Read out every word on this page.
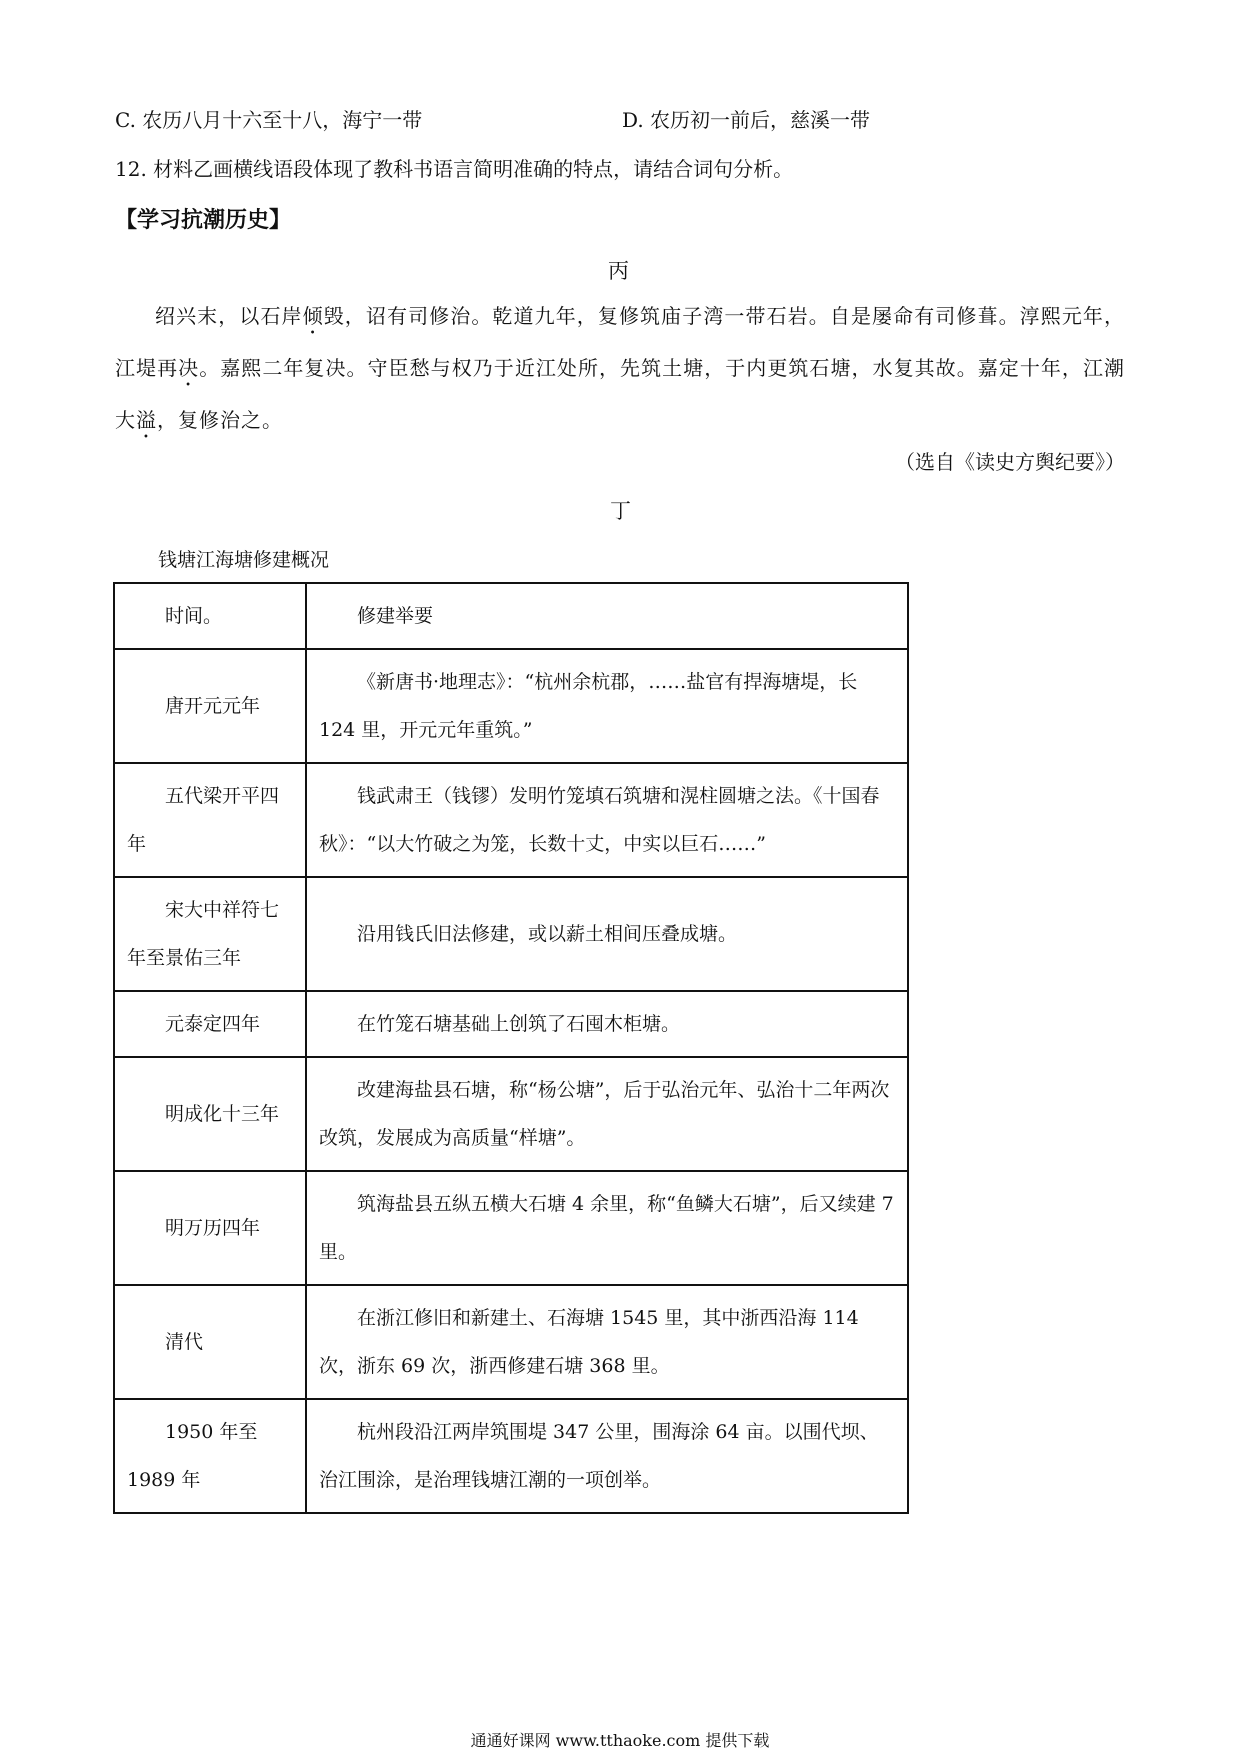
C. 农历八月十六至十八，海宁一带	D. 农历初一前后，慈溪一带
12. 材料乙画横线语段体现了教科书语言简明准确的特点，请结合词句分析。
【学习抗潮历史】
丙
绍兴末，以石岸倾毁，诏有司修治。乾道九年，复修筑庙子湾一带石岩。自是屡命有司修葺。淳熙元年，江堤再决。嘉熙二年复决。守臣愁与权乃于近江处所，先筑土塘，于内更筑石塘，水复其故。嘉定十年，江潮大溢，复修治之。
（选自《读史方舆纪要》）
丁
钱塘江海塘修建概况
时间。	修建举要
唐开元元年	《新唐书·地理志》：“杭州余杭郡，……盐官有捍海塘堤，长 124 里，开元元年重筑。”
五代梁开平四年	钱武肃王（钱镠）发明竹笼填石筑塘和滉柱圆塘之法。《十国春秋》：“以大竹破之为笼，长数十丈，中实以巨石……”
宋大中祥符七年至景佑三年	沿用钱氏旧法修建，或以薪土相间压叠成塘。
元泰定四年	在竹笼石塘基础上创筑了石囤木柜塘。
明成化十三年	改建海盐县石塘，称“杨公塘”，后于弘治元年、弘治十二年两次改筑，发展成为高质量“样塘”。
明万历四年	筑海盐县五纵五横大石塘 4 余里，称“鱼鳞大石塘”，后又续建 7 里。
清代	在浙江修旧和新建土、石海塘 1545 里，其中浙西沿海 114 次，浙东 69 次，浙西修建石塘 368 里。
1950 年至 1989 年	杭州段沿江两岸筑围堤 347 公里，围海涂 64 亩。以围代坝、治江围涂，是治理钱塘江潮的一项创举。
通通好课网 www.tthaoke.com 提供下载
